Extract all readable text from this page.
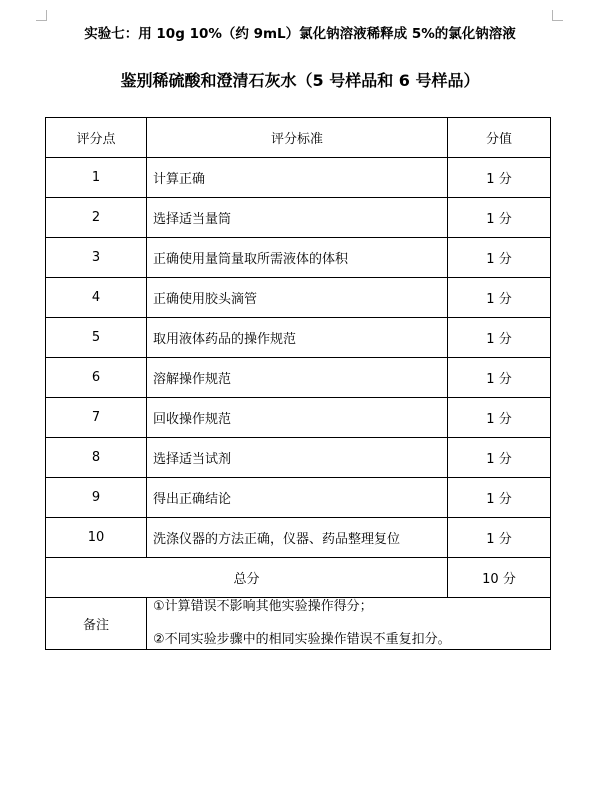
实验七：用 10g 10%（约 9mL）氯化钠溶液稀释成 5%的氯化钠溶液
鉴别稀硫酸和澄清石灰水（5 号样品和 6 号样品）
评分点	评分标准	分值
1	计算正确	1 分
2	选择适当量筒	1 分
3	正确使用量筒量取所需液体的体积	1 分
4	正确使用胶头滴管	1 分
5	取用液体药品的操作规范	1 分
6	溶解操作规范	1 分
7	回收操作规范	1 分
8	选择适当试剂	1 分
9	得出正确结论	1 分
10	洗涤仪器的方法正确，仪器、药品整理复位	1 分
总分		10 分
备注	①计算错误不影响其他实验操作得分；
②不同实验步骤中的相同实验操作错误不重复扣分。	
